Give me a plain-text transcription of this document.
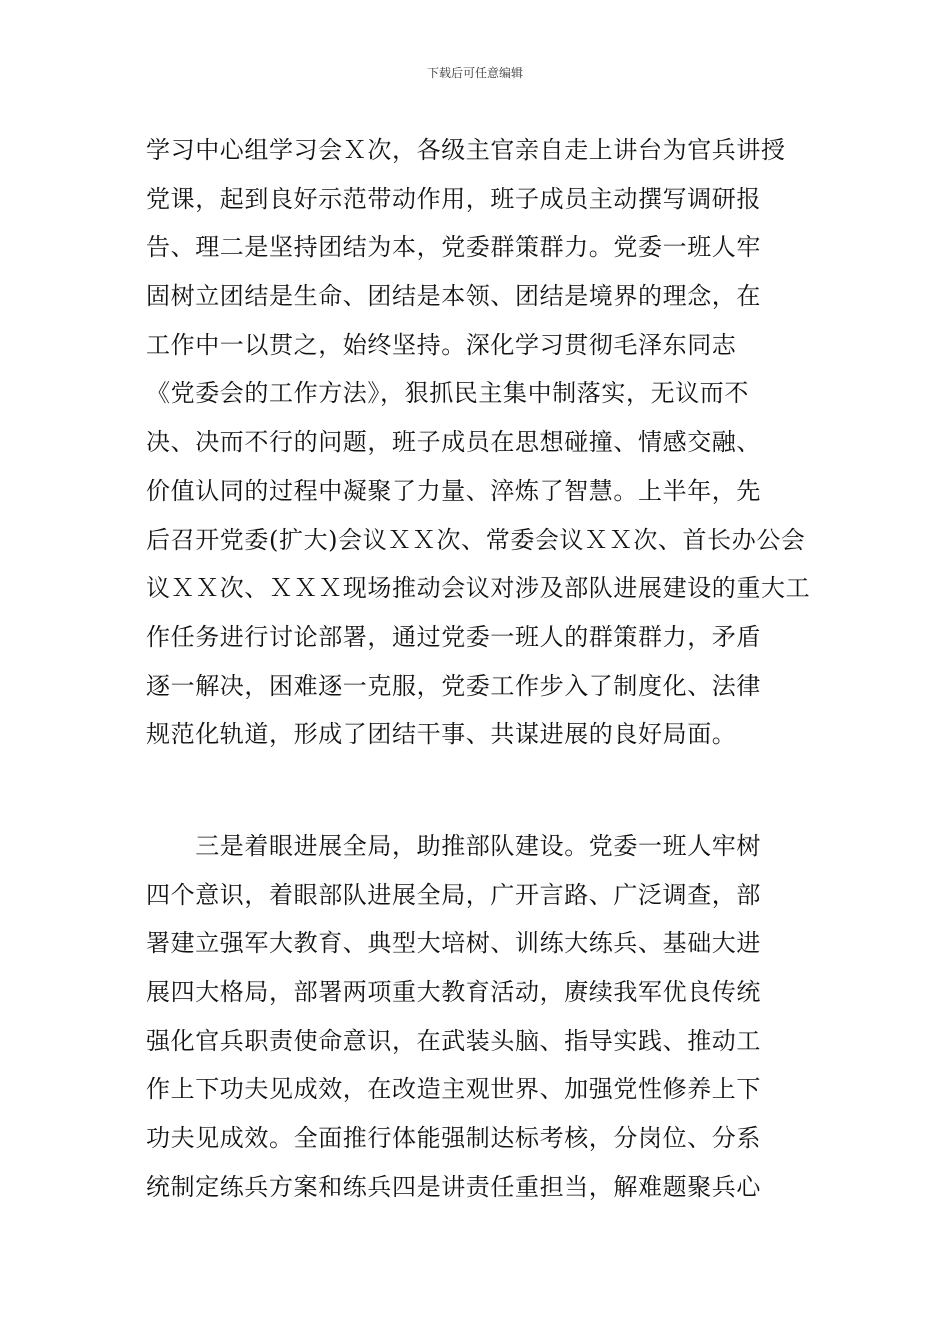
下载后可任意编辑
学习中心组学习会Ｘ次，各级主官亲自走上讲台为官兵讲授
党课，起到良好示范带动作用，班子成员主动撰写调研报
告、理二是坚持团结为本，党委群策群力。党委一班人牢
固树立团结是生命、团结是本领、团结是境界的理念，在
工作中一以贯之，始终坚持。深化学习贯彻毛泽东同志
《党委会的工作方法》，狠抓民主集中制落实，无议而不
决、决而不行的问题，班子成员在思想碰撞、情感交融、
价值认同的过程中凝聚了力量、淬炼了智慧。上半年，先
后召开党委(扩大)会议ＸＸ次、常委会议ＸＸ次、首长办公会
议ＸＸ次、ＸＸＸ现场推动会议对涉及部队进展建设的重大工
作任务进行讨论部署，通过党委一班人的群策群力，矛盾
逐一解决，困难逐一克服，党委工作步入了制度化、法律
规范化轨道，形成了团结干事、共谋进展的良好局面。
　　三是着眼进展全局，助推部队建设。党委一班人牢树
四个意识，着眼部队进展全局，广开言路、广泛调查，部
署建立强军大教育、典型大培树、训练大练兵、基础大进
展四大格局，部署两项重大教育活动，赓续我军优良传统
强化官兵职责使命意识，在武装头脑、指导实践、推动工
作上下功夫见成效，在改造主观世界、加强党性修养上下
功夫见成效。全面推行体能强制达标考核，分岗位、分系
统制定练兵方案和练兵四是讲责任重担当，解难题聚兵心
